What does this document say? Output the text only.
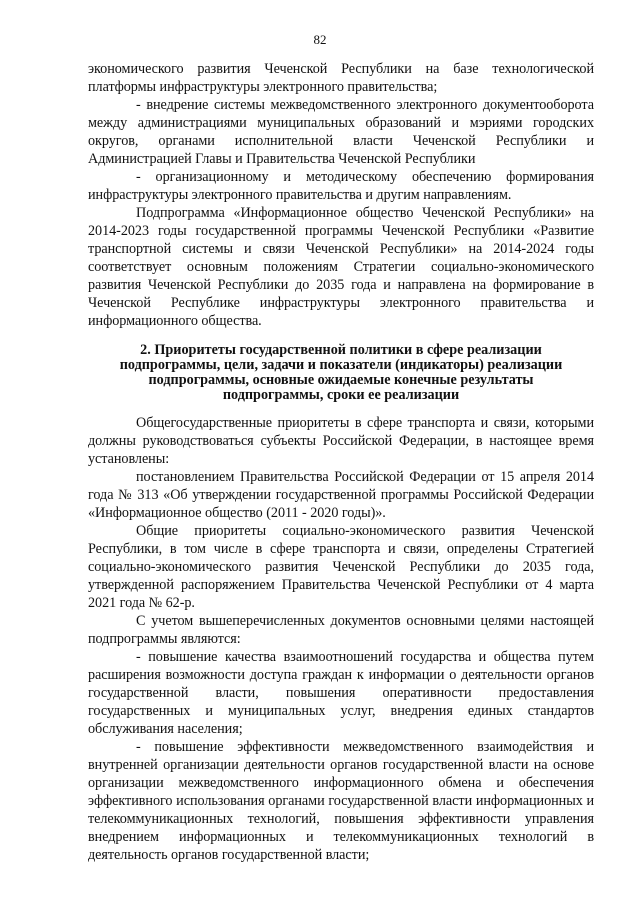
82

экономического развития Чеченской Республики на базе технологической платформы инфраструктуры электронного правительства;

- внедрение системы межведомственного электронного документооборота между администрациями муниципальных образований и мэриями городских округов, органами исполнительной власти Чеченской Республики и Администрацией Главы и Правительства Чеченской Республики

- организационному и методическому обеспечению формирования инфраструктуры электронного правительства и другим направлениям.

Подпрограмма «Информационное общество Чеченской Республики» на 2014-2023 годы государственной программы Чеченской Республики «Развитие транспортной системы и связи Чеченской Республики» на 2014-2024 годы соответствует основным положениям Стратегии социально-экономического развития Чеченской Республики до 2035 года и направлена на формирование в Чеченской Республике инфраструктуры электронного правительства и информационного общества.

2. Приоритеты государственной политики в сфере реализации

подпрограммы, цели, задачи и показатели (индикаторы) реализации

подпрограммы, основные ожидаемые конечные результаты

подпрограммы, сроки ее реализации

Общегосударственные приоритеты в сфере транспорта и связи, которыми должны руководствоваться субъекты Российской Федерации, в настоящее время установлены:

постановлением Правительства Российской Федерации от 15 апреля 2014 года № 313 «Об утверждении государственной программы Российской Федерации «Информационное общество (2011 - 2020 годы)».

Общие приоритеты социально-экономического развития Чеченской Республики, в том числе в сфере транспорта и связи, определены Стратегией социально-экономического развития Чеченской Республики до 2035 года, утвержденной распоряжением Правительства Чеченской Республики от 4 марта 2021 года № 62-р.

С учетом вышеперечисленных документов основными целями настоящей подпрограммы являются:

- повышение качества взаимоотношений государства и общества путем расширения возможности доступа граждан к информации о деятельности органов государственной власти, повышения оперативности предоставления государственных и муниципальных услуг, внедрения единых стандартов обслуживания населения;

- повышение эффективности межведомственного взаимодействия и внутренней организации деятельности органов государственной власти на основе организации межведомственного информационного обмена и обеспечения эффективного использования органами государственной власти информационных и телекоммуникационных технологий, повышения эффективности управления внедрением информационных и телекоммуникационных технологий в деятельность органов государственной власти;
